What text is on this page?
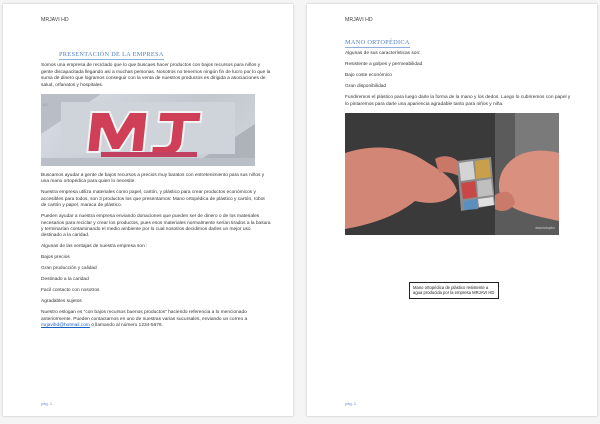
MRJAVI HD
PRESENTACIÓN DE LA EMPRESA

Somos una empresa de reciclado que lo que buscaes hacer productos con bajos recursos para niños y gente discapacitada llegando asi a muchas personas. Nosotros no tenemos ningún fin de lucro por lo que la suma de dinero que logramos conseguir con la venta de nuestros productos es dirigida a asociaciones de salud, orfanatos y hospitales.

MJ

Buscamos ayudar a gente de bajos recursos a precios muy baratos con entretenimiento para sus niños y una mano ortopédica para quien lo necesite.

Nuestra empresa utiliza materiales como papel, cartón, y plástico para crear productos económicos y accesibles para todos, son 3 productos los que presentamos: Mano ortopédica de plástico y cartón, robot de cartón y papel, maraca de plástico.

Pueden ayudar a nuestra empresa enviando donaciones que pueden ser de dinero o de los materiales necesarios para reciclar y crear los productos, pues esos materiales normalmente serían tirados a la basura y terminarían contaminando el medio ambiente por lo cual nosotros decidimos darles un mejor uso destinado a la caridad.

Algunas de las ventajas de nuestra empresa son :

Bajos precios

Gran producción y calidad

Destinado a la caridad

Facil contacto con nosotros

Agradables sujetos

Nuestro eslogan es "con bajos recursos buenos productos" haciendo referencia a lo mencionado anteriormente. Pueden contactarnos en uno de nuestras varias sucursales, enviando un correo a mrjavihd@hotmail.com o llamando al número 1234-5678.

pág. 1
MRJAVI HD
MANO ORTOPÉDICA

Algunas de sus características son:

Resistente a golpes y permeabilidad

Bajo coste económico

Gran disponibilidad

Fundiremos el plástico para luego darle la forma de la mano y los dedos. Luego lo cubriremos con papel y lo pintaremos para darle una apariencia agradable tanto para niños y niña.

www.tutsplus
Mano ortopédica de plástico resistente a agua producida por la empresa MRJAVI HD
pág. 2
